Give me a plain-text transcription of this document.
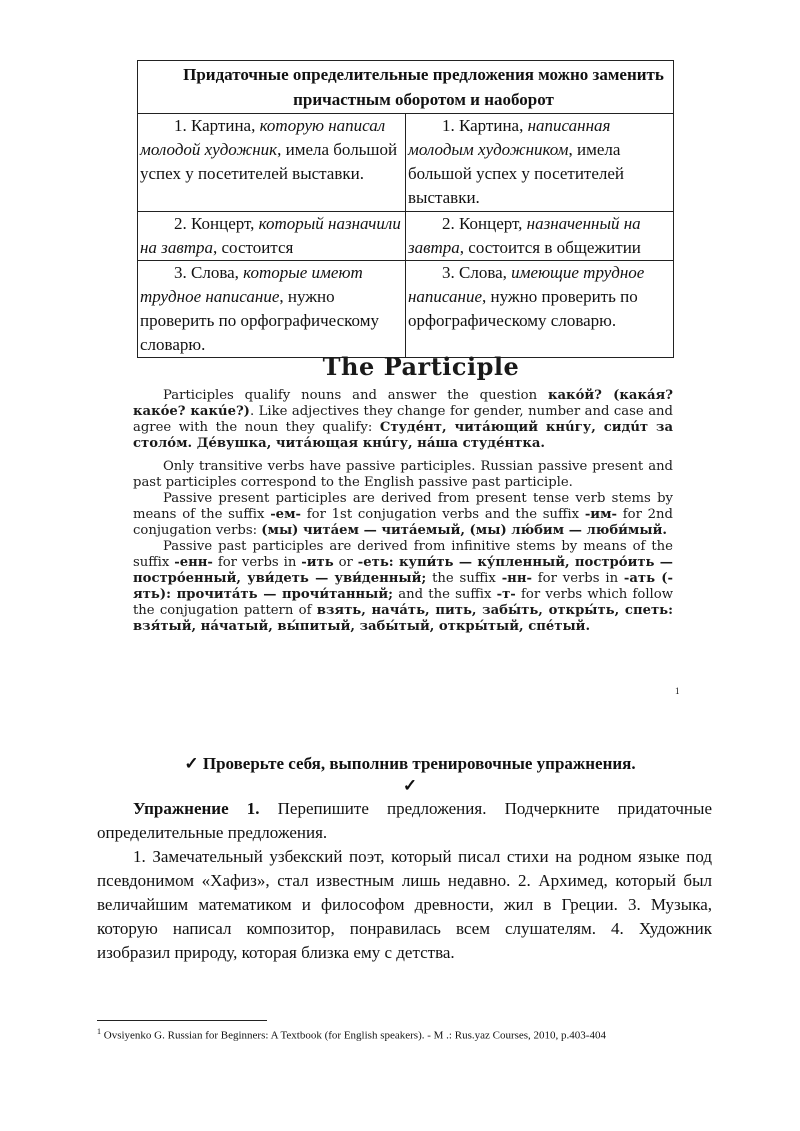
Придаточные определительные предложения можно заменить причастным оборотом и наоборот	
1. Картина, которую написал молодой художник, имела большой успех у посетителей выставки.	1. Картина, написанная молодым художником, имела большой успех у посетителей выставки.
2. Концерт, который назначили на завтра, состоится	2. Концерт, назначенный на завтра, состоится в общежитии
3. Слова, которые имеют трудное написание, нужно проверить по орфографическому словарю.	3. Слова, имеющие трудное написание, нужно проверить по орфографическому словарю.
The Participle

Participles qualify nouns and answer the question какóй? (какáя? какóе? какúе?). Like adjectives they change for gender, number and case and agree with the noun they qualify: Студéнт, читáющий кнúгу, сидúт за столóм. Дéвушка, читáющая кнúгу, нáша студéнтка.

Only transitive verbs have passive participles. Russian passive present and past participles correspond to the English passive past participle.

Passive present participles are derived from present tense verb stems by means of the suffix -ем- for 1st conjugation verbs and the suffix -им- for 2nd conjugation verbs: (мы) читáем — читáемый, (мы) лю́бим — люби́мый.

Passive past participles are derived from infinitive stems by means of the suffix -енн- for verbs in -ить or -еть: купи́ть — ку́пленный, постро́ить — постро́енный, уви́деть — уви́денный; the suffix -нн- for verbs in -ать (-ять): прочитáть — прочи́танный; and the suffix -т- for verbs which follow the conjugation pattern of взять, начáть, пить, забы́ть, откры́ть, спеть: взя́тый, нáчатый, вы́питый, забы́тый, откры́тый, спéтый.

1
✓ Проверьте себя, выполнив тренировочные упражнения.
✓

Упражнение 1. Перепишите предложения. Подчеркните придаточные определительные предложения.

1. Замечательный узбекский поэт, который писал стихи на родном языке под псевдонимом «Хафиз», стал известным лишь недавно. 2. Архимед, который был величайшим математиком и философом древности, жил в Греции. 3. Музыка, которую написал композитор, понравилась всем слушателям. 4. Художник изобразил природу, которая близка ему с детства.

$^1$ Ovsiyenko G. Russian for Beginners: A Textbook (for English speakers). - M .: Rus.yaz Courses, 2010, p.403-404
